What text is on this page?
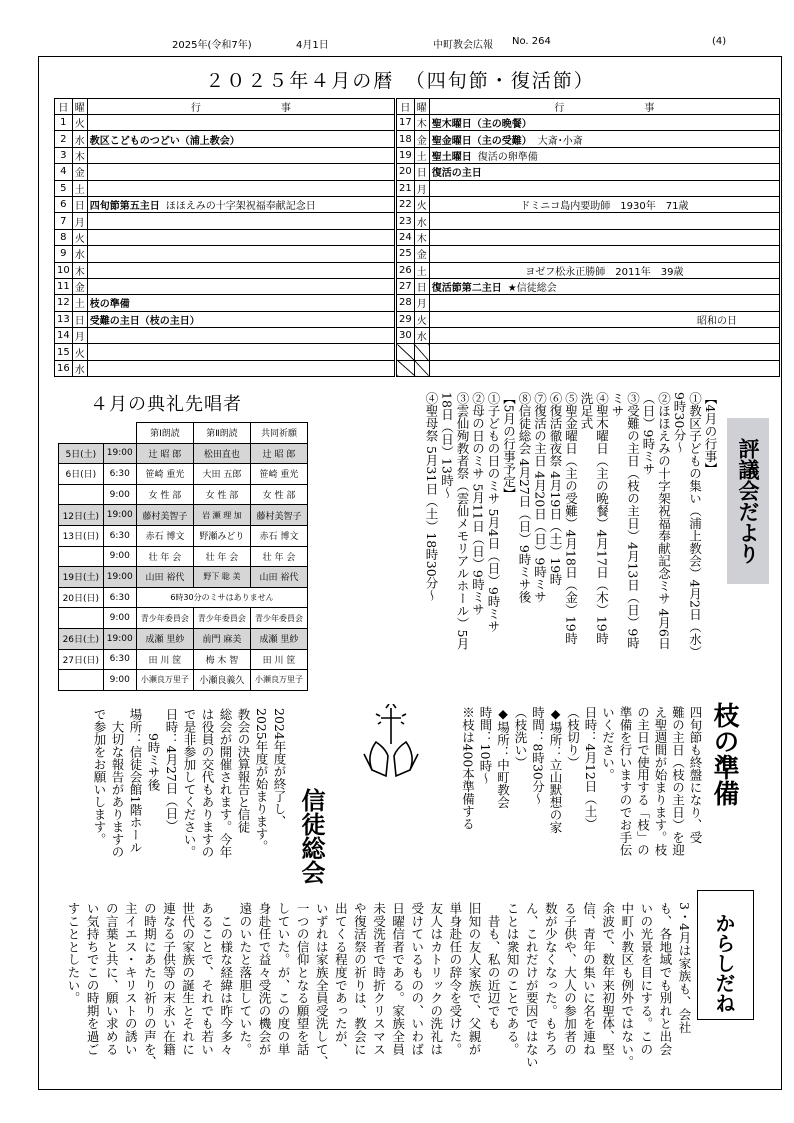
2025年(令和7年)	4月1日	中町教会広報 No. 264	(4)
２０２５年４月の暦　（四旬節・復活節）
日	曜	行　　　　　　　　事
1	火	
2	水	教区こどものつどい（浦上教会）
3	木	
4	金	
5	土	
6	日	四旬節第五主日 ほほえみの十字架祝福奉献記念日
7	月	
8	火	
9	水	
10	木	
11	金	
12	土	枝の準備
13	日	受難の主日（枝の主日）
14	月	
15	火	
16	水	
日	曜	行　　　　　　　　事
17	木	聖木曜日（主の晩餐）
18	金	聖金曜日（主の受難） 大斎･小斎
19	土	聖土曜日 復活の卵準備
20	日	復活の主日
21	月	
22	火	ドミニコ島内要助師　1930年　71歳

23	水	
24	木	
25	金	
26	土	ヨゼフ松永正勝師　2011年　39歳

27	日	復活節第二主日 ★信徒総会
28	月	
29	火	昭和の日

30	水	

４月の典礼先唱者
		第Ⅰ朗読	第Ⅱ朗読	共同祈願
5日(土)	19:00	辻 昭 郎	松田直也	辻 昭 郎
6日(日)	6:30	笹崎 重光	大田 五郎	笹崎 重光
	9:00	女 性 部	女 性 部	女 性 部
12日(土)	19:00	藤村美智子	岩 瀬 理 加	藤村美智子
13日(日)	6:30	赤石 博文	野瀬みどり	赤石 博文
	9:00	壮 年 会	壮 年 会	壮 年 会
19日(土)	19:00	山田 裕代	野下 聡 美	山田 裕代
20日(日)	6:30	6時30分のミサはありません		
	9:00	青少年委員会	青少年委員会	青少年委員会
26日(土)	19:00	成瀬 里紗	前門 麻美	成瀬 里紗
27日(日)	6:30	田 川 筐	梅 木 智	田 川 筐
	9:00	小瀬良万里子	小瀬良義久	小瀬良万里子
【4月の行事】
①教区子どもの集い（浦上教会）4月2日（水）9時30分〜
②ほほえみの十字架祝福奉献記念ミサ 4月6日（日）9時ミサ
③受難の主日（枝の主日）4月13日（日）9時ミサ
④聖木曜日（主の晩餐）4月17日（木）19時洗足式
⑤聖金曜日（主の受難）4月18日（金）19時
⑥復活徹夜祭 4月19日（土）19時
⑦復活の主日 4月20日（日）9時ミサ
⑧信徒総会 4月27日（日）9時ミサ後
【5月の行事予定】
①子どもの日のミサ 5月4日（日）9時ミサ
②母の日のミサ 5月11日（日）9時ミサ
③雲仙殉教者祭（雲仙メモリアルホール）5月18日（日）13時〜
④聖母祭 5月31日（土）18時30分〜	評議会だより
枝の準備
四旬節も終盤になり、受
難の主日（枝の主日）を迎
え聖週間が始まります。枝
の主日で使用する「枝」の
準備を行いますのでお手伝
いください。
日時：4月12日（土）
（枝切り）
◆場所：立山默想の家
時間：8時30分〜
（枝洗い）
◆場所：中町教会
時間：10時〜
※枝は400本準備する
信徒総会
2024年度が終了し、
2025年度が始まります。
教会の決算報告と信徒
総会が開催されます。今年
は役員の交代もありますの
で是非参加してください。
日時：4月27日（日）
　　9時ミサ後
場所：信徒会館1階ホール
　大切な報告がありますの
で参加をお願いします。
からしだね
3・4月は家族も、会社
も、各地域でも別れと出会
いの光景を目にする。この
中町小教区も例外ではない。
余波で、数年来初聖体、堅
信、青年の集いに名を連ね
る子供や、大人の参加者の
数が少なくなった。もちろ
ん、これだけが要因ではない
ことは衆知のことである。
　昔も、私の近辺でも
旧知の友人家族で、父親が
単身赴任の辞令を受けた。
友人はカトリックの洗礼は
受けているものの、いわば
日曜信者である。家族全員
未受洗者で時折クリスマス
や復活祭の祈りは、教会に
出てくる程度であったが、
いずれは家族全員受洗して、
一つの信仰となる願望を話
していた。が、この度の単
身赴任で益々受洗の機会が
遠のいたと落胆していた。
　この様な経緯は昨今多々
あることで、それでも若い
世代の家族の誕生とそれに
連なる子供等の末永い在籍
の時期にあたり祈りの声を、
主イエス・キリストの誘い
の言葉と共に、願い求める
い気持ちでこの時期を過ご
すこととしたい。
